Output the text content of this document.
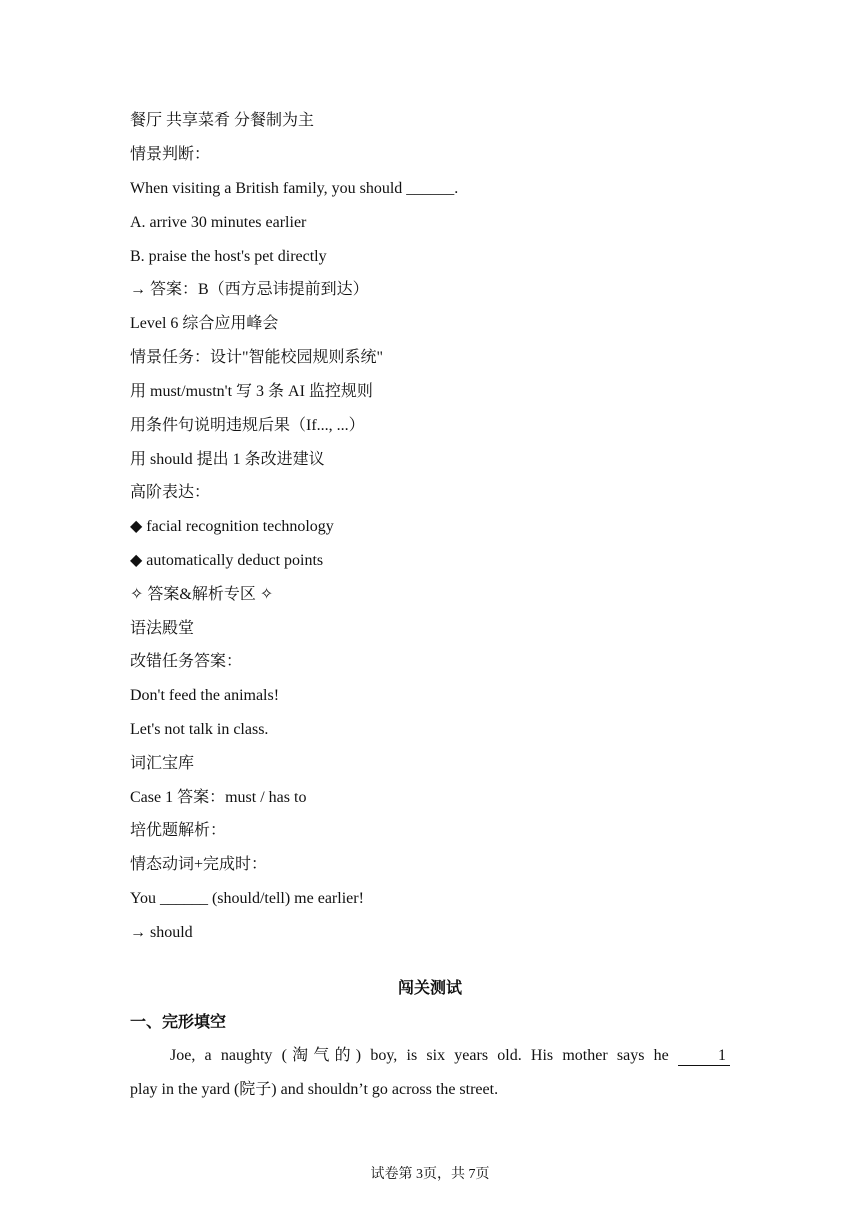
餐厅 共享菜肴 分餐制为主
情景判断：
When visiting a British family, you should ______.
A. arrive 30 minutes earlier
B. praise the host's pet directly
→ 答案：B（西方忌讳提前到达）
Level 6 综合应用峰会
情景任务：设计"智能校园规则系统"
用 must/mustn't 写 3 条 AI 监控规则
用条件句说明违规后果（If..., ...）
用 should 提出 1 条改进建议
高阶表达：
◆ facial recognition technology
◆ automatically deduct points
✧ 答案&解析专区 ✧
语法殿堂
改错任务答案：
Don't feed the animals!
Let's not talk in class.
词汇宝库
Case 1 答案：must / has to
培优题解析：
情态动词+完成时：
You ______ (should/tell) me earlier!
→ should
闯关测试
一、完形填空
Joe, a naughty (淘气的) boy, is six years old. His mother says he	1
play in the yard (院子) and shouldn’t go across the street.
试卷第 3页，共 7页
